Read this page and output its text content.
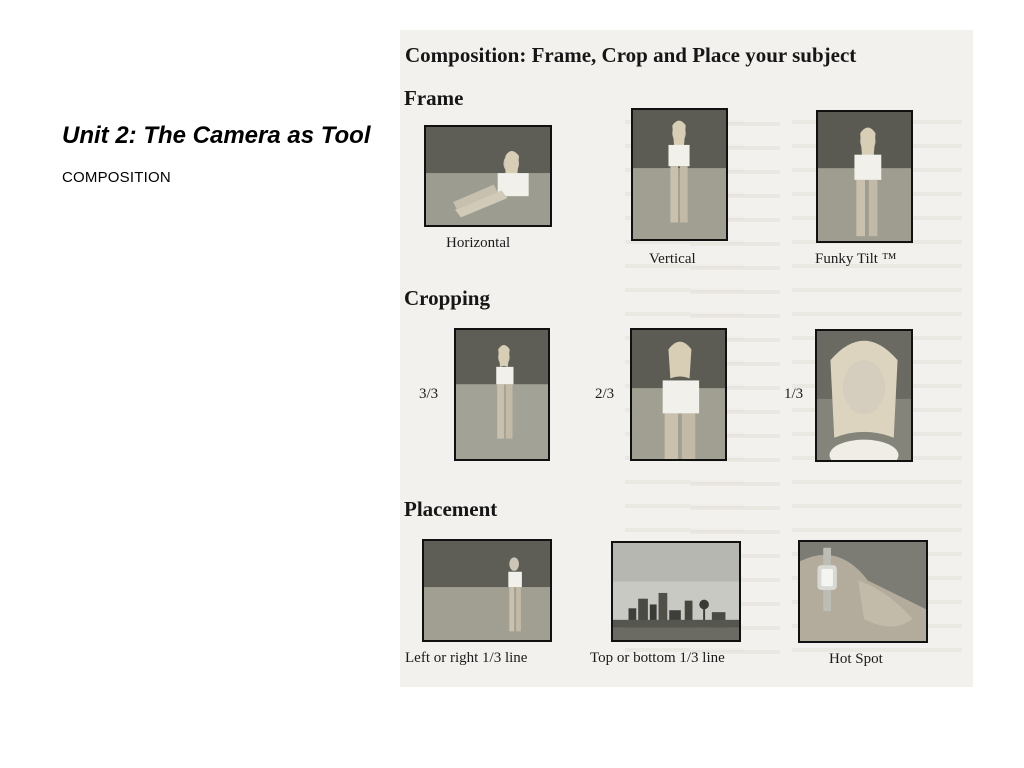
Unit 2: The Camera as Tool

COMPOSITION

Composition: Frame, Crop and Place your subject
Frame

Horizontal

Vertical	Funky Tilt ™

Cropping

3/3	2/3	1/3

Placement

Left or right 1/3 line	Top or bottom 1/3 line	Hot Spot
